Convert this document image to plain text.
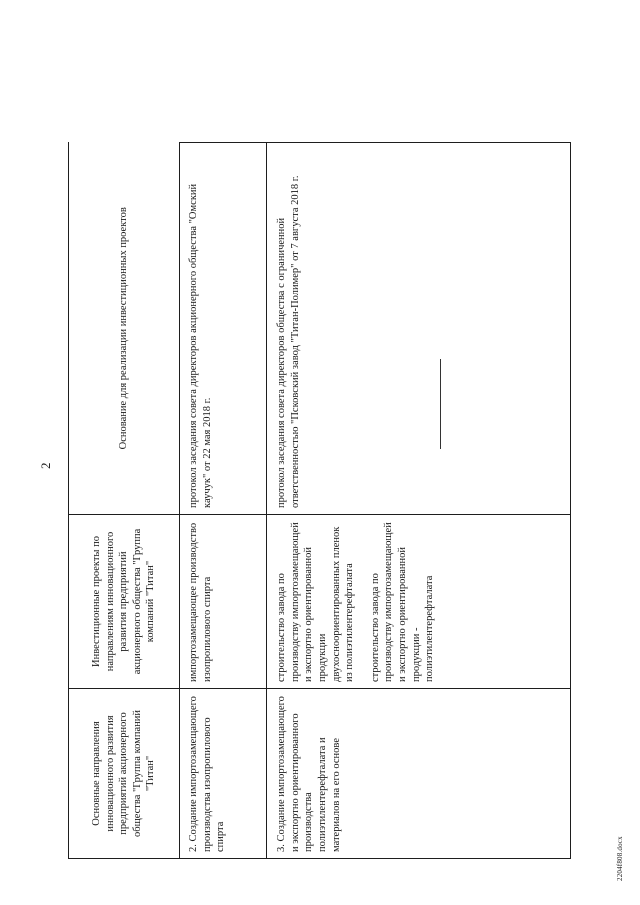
2
Основные направления инновационного развития предприятий акционерного общества "Группа компаний "Титан"	Инвестиционные проекты по направлениям инновационного развития предприятий акционерного общества "Группа компаний "Титан"	Основание для реализации инвестиционных проектов
2. Создание импортозамещающего производства изопропилового спирта	импортозамещающее производство изопропилового спирта	протокол заседания совета директоров акционерного общества "Омский каучук" от 22 мая 2018 г.
3. Создание импортозамещающего и экспортно ориентированного производства полиэтилентерефталата и материалов на его основе	строительство завода по производству импортозамещающей и экспортно ориентированной продукции двухосноориентированных пленок из полиэтилентерефталата строительство завода по производству импортозамещающей и экспортно ориентированной продукции - полиэтилентерефталата	протокол заседания совета директоров общества с ограниченной ответственностью "Псковский завод "Титан-Полимер" от 7 августа 2018 г.
2204f808.docx
